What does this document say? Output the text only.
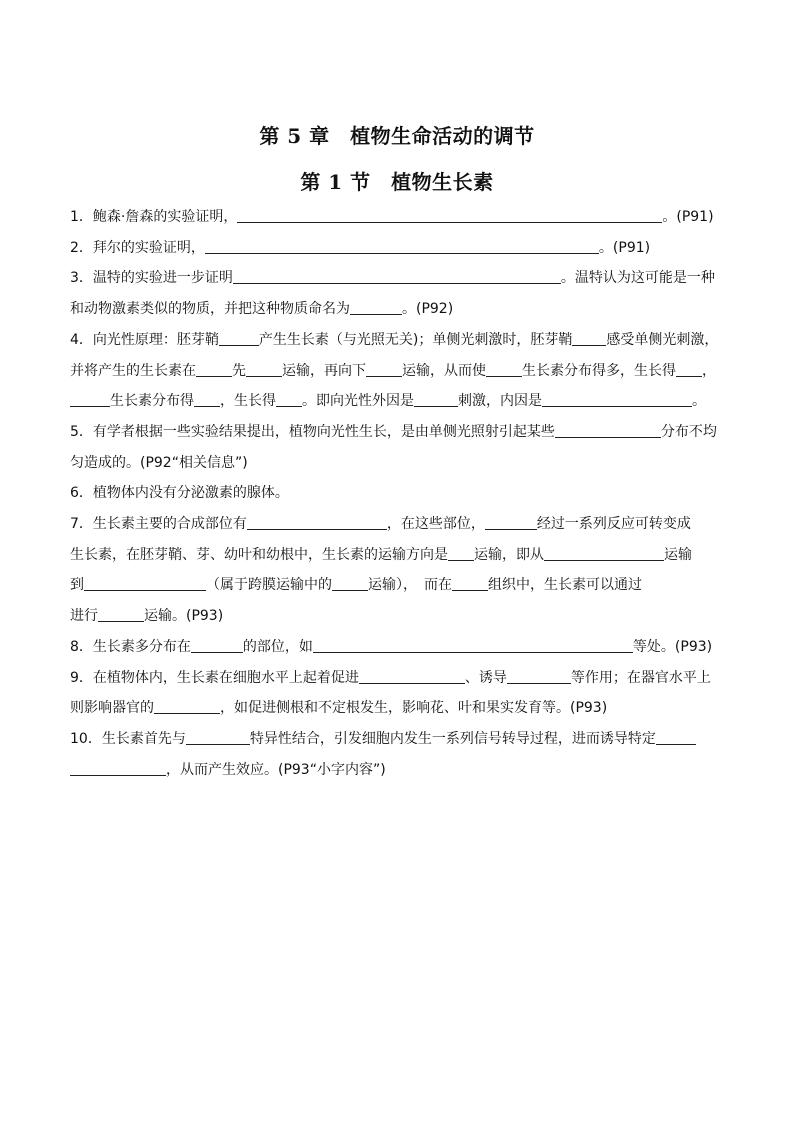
第 5 章　植物生命活动的调节
第 1 节　植物生长素

1．鲍森·詹森的实验证明，	。(P91)

2．拜尔的实验证明，	。(P91)

3．温特的实验进一步证明	。温特认为这可能是一种

和动物激素类似的物质，并把这种物质命名为	。(P92)

4．向光性原理：胚芽鞘	产生生长素（与光照无关)；单侧光刺激时，胚芽鞘 感受单侧光刺激，

并将产生的生长素在	先	运输，再向下	运输，从而使	生长素分布得多，生长得 ，

生长素分布得 ，生长得 。即向光性外因是	刺激，内因是	。

5．有学者根据一些实验结果提出，植物向光性生长，是由单侧光照射引起某些	分布不均

匀造成的。(P92“相关信息”)

6．植物体内没有分泌激素的腺体。

7．生长素主要的合成部位有	，在这些部位，	经过一系列反应可转变成

生长素，在胚芽鞘、芽、幼叶和幼根中，生长素的运输方向是 运输，即从	运输

到	（属于跨膜运输中的	运输），　而在	组织中，生长素可以通过

进行	运输。(P93)

8．生长素多分布在	的部位，如	等处。(P93)

9．在植物体内，生长素在细胞水平上起着促进	、诱导	等作用；在器官水平上

则影响器官的	，如促进侧根和不定根发生，影响花、叶和果实发育等。(P93)

10．生长素首先与	特异性结合，引发细胞内发生一系列信号转导过程，进而诱导特定

，从而产生效应。(P93“小字内容”)
